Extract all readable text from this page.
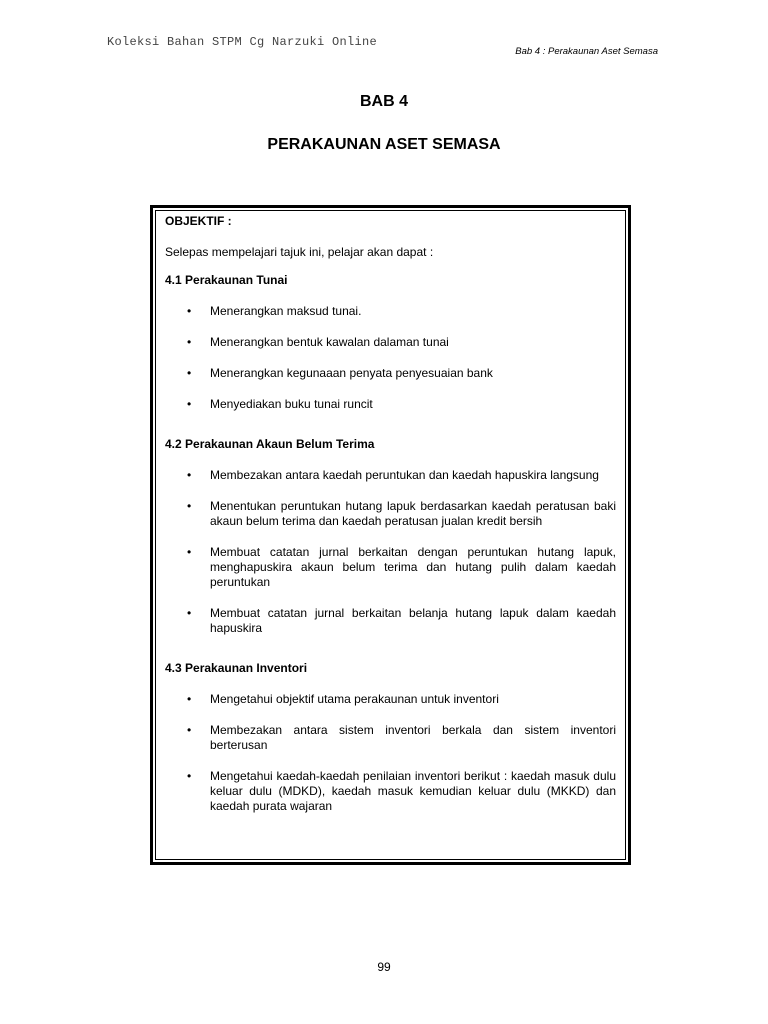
Koleksi Bahan STPM Cg Narzuki Online
Bab 4 : Perakaunan Aset Semasa
BAB 4
PERAKAUNAN ASET SEMASA
OBJEKTIF :
Selepas mempelajari tajuk ini, pelajar akan dapat :
4.1 Perakaunan Tunai
• Menerangkan maksud tunai.
• Menerangkan bentuk kawalan dalaman tunai
• Menerangkan kegunaaan penyata penyesuaian bank
• Menyediakan buku tunai runcit
4.2 Perakaunan Akaun Belum Terima
• Membezakan antara kaedah peruntukan dan kaedah hapuskira langsung
• Menentukan peruntukan hutang lapuk berdasarkan kaedah peratusan baki akaun belum terima dan kaedah peratusan jualan kredit bersih
• Membuat catatan jurnal berkaitan dengan peruntukan hutang lapuk, menghapuskira akaun belum terima dan hutang pulih dalam kaedah peruntukan
• Membuat catatan jurnal berkaitan belanja hutang lapuk dalam kaedah hapuskira
4.3 Perakaunan Inventori
• Mengetahui objektif utama perakaunan untuk inventori
• Membezakan antara sistem inventori berkala dan sistem inventori berterusan
• Mengetahui kaedah-kaedah penilaian inventori berikut : kaedah masuk dulu keluar dulu (MDKD), kaedah masuk kemudian keluar dulu (MKKD) dan kaedah purata wajaran
99
